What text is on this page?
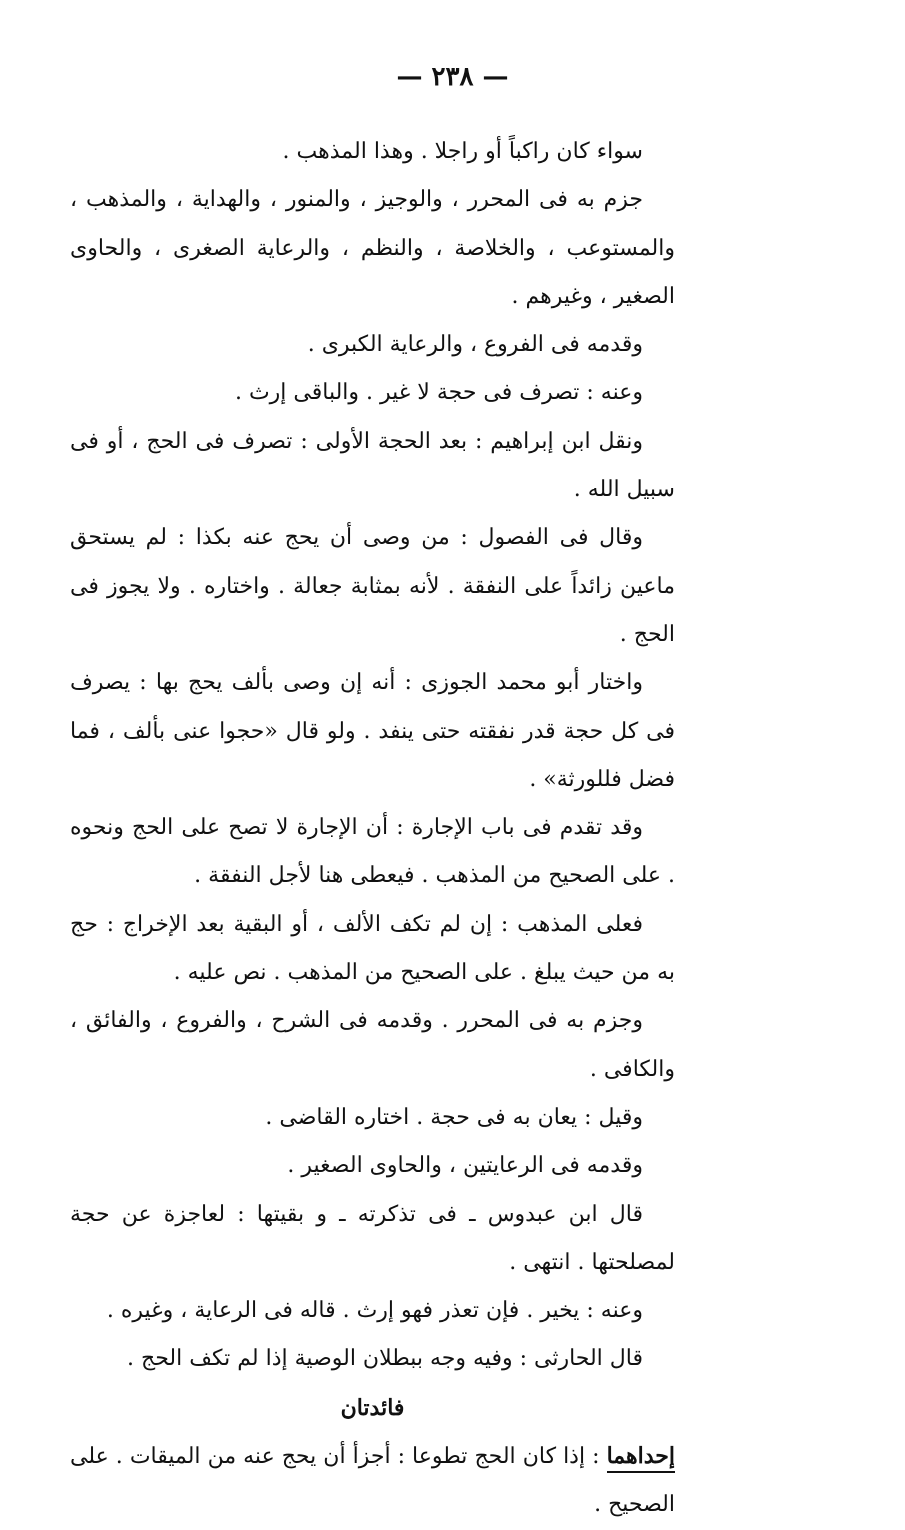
— ٢٣٨ —

سواء كان راكباً أو راجلا . وهذا المذهب .

جزم به فى المحرر ، والوجيز ، والمنور ، والهداية ، والمذهب ، والمستوعب ، والخلاصة ، والنظم ، والرعاية الصغرى ، والحاوى الصغير ، وغيرهم .

وقدمه فى الفروع ، والرعاية الكبرى .

وعنه : تصرف فى حجة لا غير . والباقى إرث .

ونقل ابن إبراهيم : بعد الحجة الأولى : تصرف فى الحج ، أو فى سبيل الله .

وقال فى الفصول : من وصى أن يحج عنه بكذا : لم يستحق ماعين زائداً على النفقة . لأنه بمثابة جعالة . واختاره . ولا يجوز فى الحج .

واختار أبو محمد الجوزى : أنه إن وصى بألف يحج بها : يصرف فى كل حجة قدر نفقته حتى ينفد . ولو قال «حجوا عنى بألف ، فما فضل فللورثة» .

وقد تقدم فى باب الإجارة : أن الإجارة لا تصح على الحج ونحوه . على الصحيح من المذهب . فيعطى هنا لأجل النفقة .

فعلى المذهب : إن لم تكف الألف ، أو البقية بعد الإخراج : حج به من حيث يبلغ . على الصحيح من المذهب . نص عليه .

وجزم به فى المحرر . وقدمه فى الشرح ، والفروع ، والفائق ، والكافى .

وقيل : يعان به فى حجة . اختاره القاضى .

وقدمه فى الرعايتين ، والحاوى الصغير .

قال ابن عبدوس ـ فى تذكرته ـ و بقيتها : لعاجزة عن حجة لمصلحتها . انتهى .

وعنه : يخير . فإن تعذر فهو إرث . قاله فى الرعاية ، وغيره .

قال الحارثى : وفيه وجه ببطلان الوصية إذا لم تكف الحج .

فائدتان

إحداهما : إذا كان الحج تطوعا : أجزأ أن يحج عنه من الميقات . على الصحيح .
